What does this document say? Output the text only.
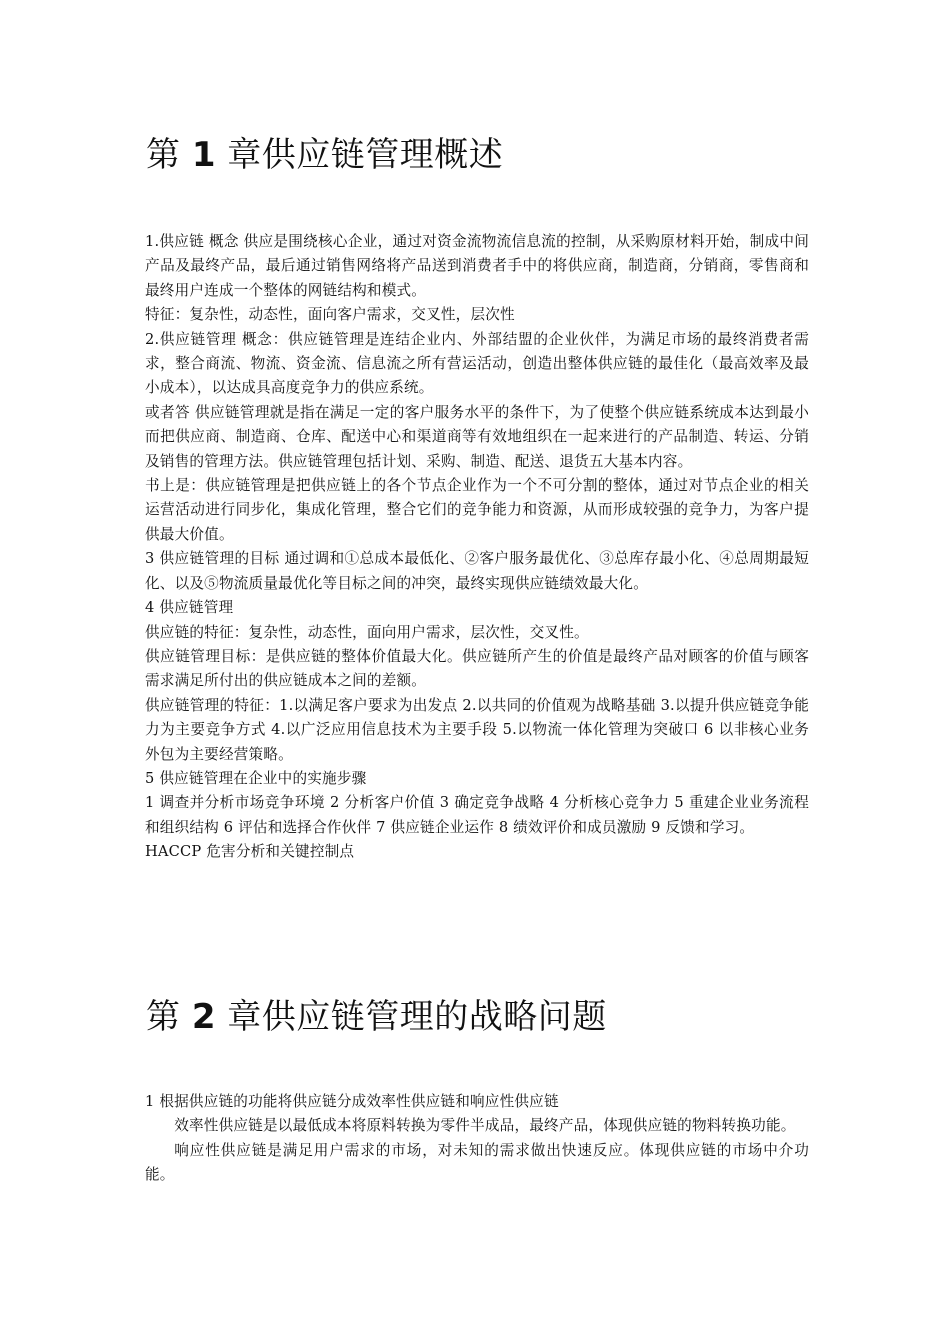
第 1 章供应链管理概述

1.供应链 概念 供应是围绕核心企业，通过对资金流物流信息流的控制，从采购原材料开始，制成中间产品及最终产品，最后通过销售网络将产品送到消费者手中的将供应商，制造商，分销商，零售商和最终用户连成一个整体的网链结构和模式。

特征：复杂性，动态性，面向客户需求，交叉性，层次性

2.供应链管理 概念：供应链管理是连结企业内、外部结盟的企业伙伴，为满足市场的最终消费者需求，整合商流、物流、资金流、信息流之所有营运活动，创造出整体供应链的最佳化（最高效率及最小成本），以达成具高度竞争力的供应系统。

或者答 供应链管理就是指在满足一定的客户服务水平的条件下，为了使整个供应链系统成本达到最小而把供应商、制造商、仓库、配送中心和渠道商等有效地组织在一起来进行的产品制造、转运、分销及销售的管理方法。供应链管理包括计划、采购、制造、配送、退货五大基本内容。

书上是：供应链管理是把供应链上的各个节点企业作为一个不可分割的整体，通过对节点企业的相关运营活动进行同步化，集成化管理，整合它们的竞争能力和资源，从而形成较强的竞争力，为客户提供最大价值。

3 供应链管理的目标 通过调和①总成本最低化、②客户服务最优化、③总库存最小化、④总周期最短化、以及⑤物流质量最优化等目标之间的冲突，最终实现供应链绩效最大化。

4 供应链管理

供应链的特征：复杂性，动态性，面向用户需求，层次性，交叉性。

供应链管理目标：是供应链的整体价值最大化。供应链所产生的价值是最终产品对顾客的价值与顾客需求满足所付出的供应链成本之间的差额。

供应链管理的特征：1.以满足客户要求为出发点 2.以共同的价值观为战略基础 3.以提升供应链竞争能力为主要竞争方式 4.以广泛应用信息技术为主要手段 5.以物流一体化管理为突破口 6 以非核心业务外包为主要经营策略。

5 供应链管理在企业中的实施步骤

1 调查并分析市场竞争环境 2 分析客户价值 3 确定竞争战略 4 分析核心竞争力 5 重建企业业务流程和组织结构 6 评估和选择合作伙伴 7 供应链企业运作 8 绩效评价和成员激励 9 反馈和学习。

HACCP 危害分析和关键控制点

第 2 章供应链管理的战略问题

1 根据供应链的功能将供应链分成效率性供应链和响应性供应链

效率性供应链是以最低成本将原料转换为零件半成品，最终产品，体现供应链的物料转换功能。

响应性供应链是满足用户需求的市场，对未知的需求做出快速反应。体现供应链的市场中介功能。
